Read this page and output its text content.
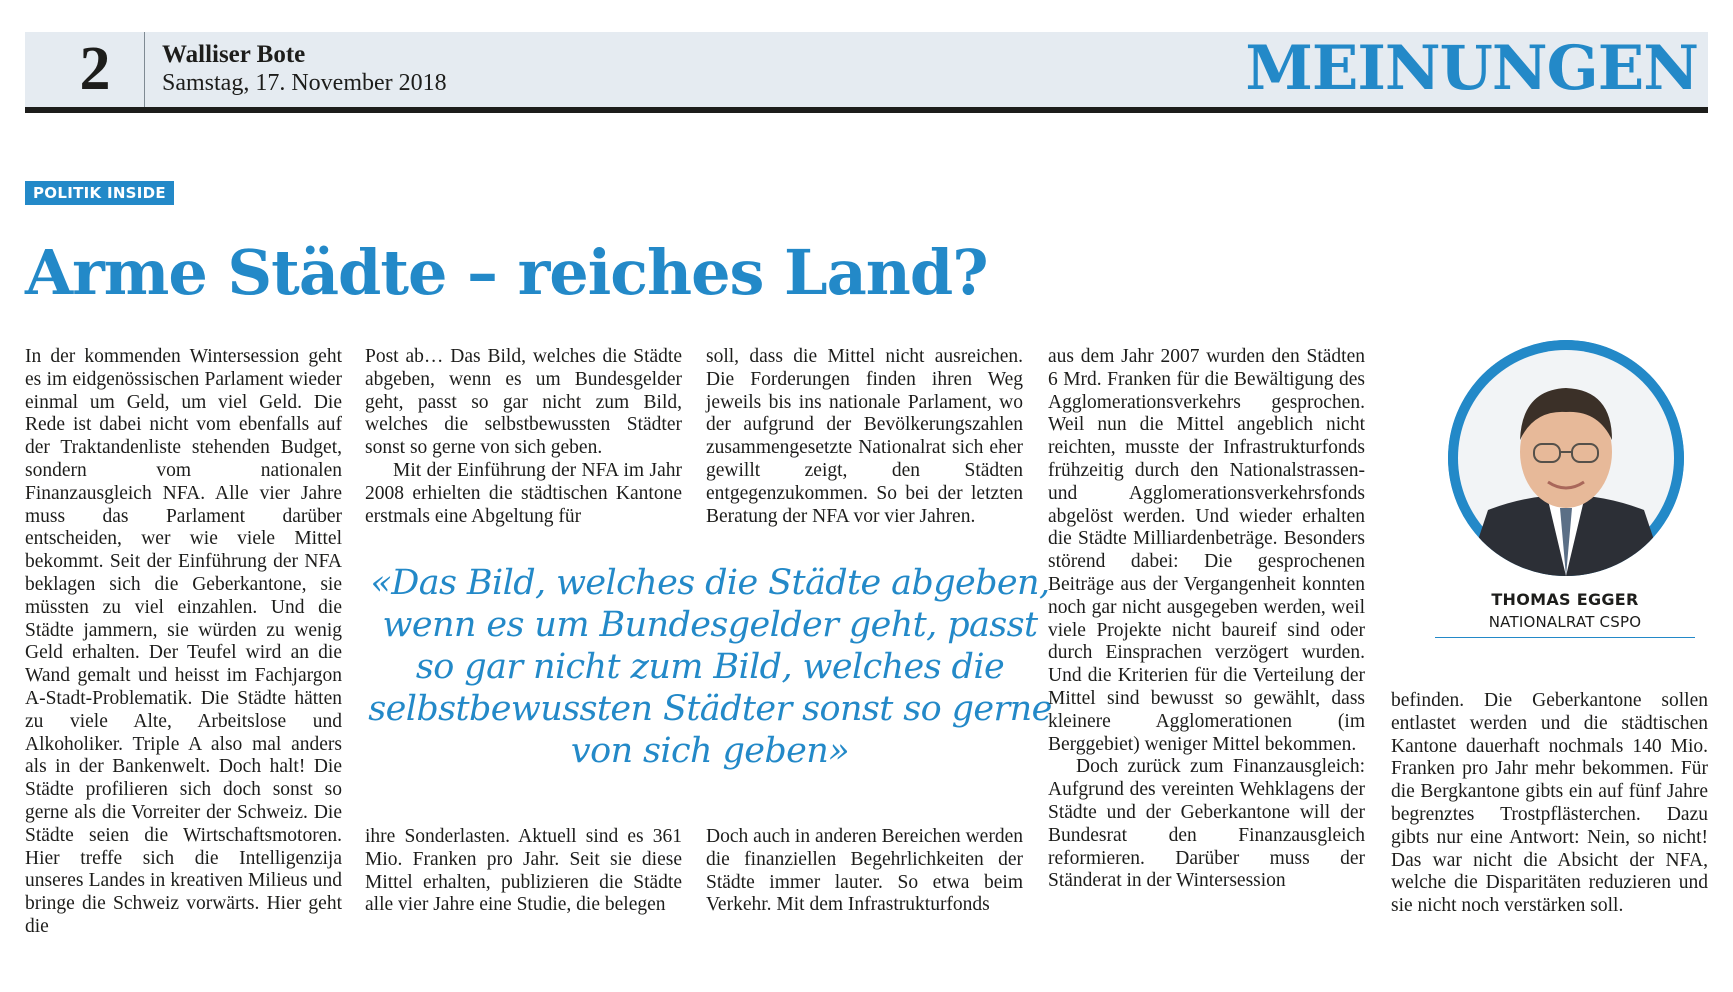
2	Walliser Bote
Samstag, 17. November 2018	MEINUNGEN
POLITIK INSIDE
Arme Städte – reiches Land?

In der kommenden Wintersession geht es im eidgenössischen Parlament wieder einmal um Geld, um viel Geld. Die Rede ist dabei nicht vom ebenfalls auf der Traktandenliste stehenden Budget, sondern vom nationalen Finanzausgleich NFA. Alle vier Jahre muss das Parlament darüber entscheiden, wer wie viele Mittel bekommt. Seit der Einführung der NFA beklagen sich die Geberkantone, sie müssten zu viel einzahlen. Und die Städte jammern, sie würden zu wenig Geld erhalten. Der Teufel wird an die Wand gemalt und heisst im Fachjargon A-Stadt-Problematik. Die Städte hätten zu viele Alte, Arbeitslose und Alkoholiker. Triple A also mal anders als in der Bankenwelt. Doch halt! Die Städte profilieren sich doch sonst so gerne als die Vorreiter der Schweiz. Die Städte seien die Wirtschaftsmotoren. Hier treffe sich die Intelligenzija unseres Landes in kreativen Milieus und bringe die Schweiz vorwärts. Hier geht die

Post ab… Das Bild, welches die Städte abgeben, wenn es um Bundesgelder geht, passt so gar nicht zum Bild, welches die selbstbewussten Städter sonst so gerne von sich geben.

Mit der Einführung der NFA im Jahr 2008 erhielten die städtischen Kantone erstmals eine Abgeltung für

soll, dass die Mittel nicht ausreichen. Die Forderungen finden ihren Weg jeweils bis ins nationale Parlament, wo der aufgrund der Bevölkerungszahlen zusammengesetzte Nationalrat sich eher gewillt zeigt, den Städten entgegenzukommen. So bei der letzten Beratung der NFA vor vier Jahren.

«Das Bild, welches die Städte abgeben, wenn es um Bundesgelder geht, passt so gar nicht zum Bild, welches die selbstbewussten Städter sonst so gerne von sich geben»

ihre Sonderlasten. Aktuell sind es 361 Mio. Franken pro Jahr. Seit sie diese Mittel erhalten, publizieren die Städte alle vier Jahre eine Studie, die belegen

Doch auch in anderen Bereichen werden die finanziellen Begehrlichkeiten der Städte immer lauter. So etwa beim Verkehr. Mit dem Infrastrukturfonds

aus dem Jahr 2007 wurden den Städten 6 Mrd. Franken für die Bewältigung des Agglomerationsverkehrs gesprochen. Weil nun die Mittel angeblich nicht reichten, musste der Infrastrukturfonds frühzeitig durch den Nationalstrassen- und Agglomerationsverkehrsfonds abgelöst werden. Und wieder erhalten die Städte Milliardenbeträge. Besonders störend dabei: Die gesprochenen Beiträge aus der Vergangenheit konnten noch gar nicht ausgegeben werden, weil viele Projekte nicht baureif sind oder durch Einsprachen verzögert wurden. Und die Kriterien für die Verteilung der Mittel sind bewusst so gewählt, dass kleinere Agglomerationen (im Berggebiet) weniger Mittel bekommen.

Doch zurück zum Finanzausgleich: Aufgrund des vereinten Wehklagens der Städte und der Geberkantone will der Bundesrat den Finanzausgleich reformieren. Darüber muss der Ständerat in der Wintersession

befinden. Die Geberkantone sollen entlastet werden und die städtischen Kantone dauerhaft nochmals 140 Mio. Franken pro Jahr mehr bekommen. Für die Bergkantone gibts ein auf fünf Jahre begrenztes Trostpflästerchen. Dazu gibts nur eine Antwort: Nein, so nicht! Das war nicht die Absicht der NFA, welche die Disparitäten reduzieren und sie nicht noch verstärken soll.

THOMAS EGGER
NATIONALRAT CSPO
